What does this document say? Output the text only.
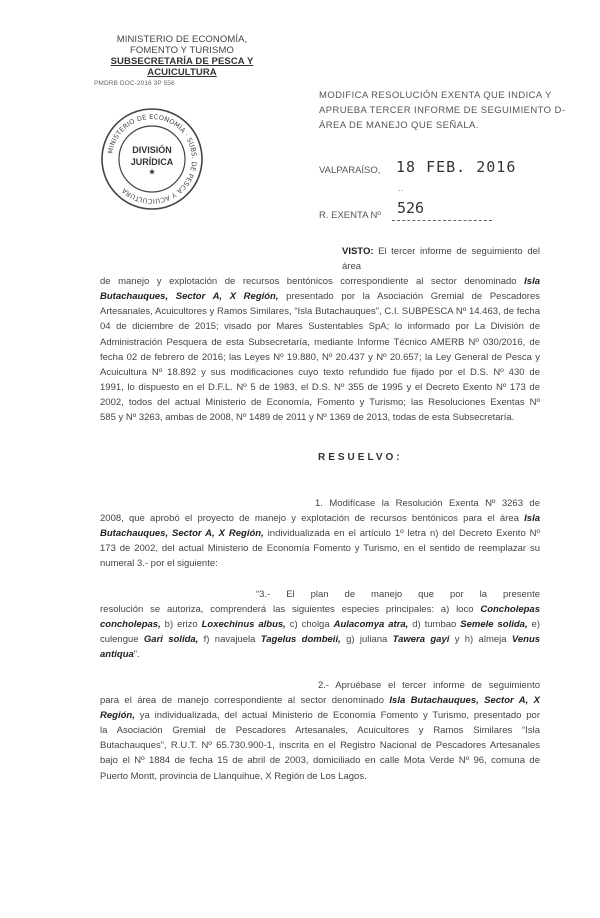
MINISTERIO DE ECONOMÍA,
FOMENTO Y TURISMO
SUBSECRETARÍA DE PESCA Y ACUICULTURA
PMDRB DOC-2016 3P 556
MINISTERIO DE ECONOMÍA · SUBS. DE PESCA Y ACUICULTURA
DIVISIÓN
JURÍDICA
★
MODIFICA RESOLUCIÓN EXENTA QUE INDICA Y
APRUEBA TERCER INFORME DE SEGUIMIENTO D-
ÁREA DE MANEJO QUE SEÑALA.
VALPARAÍSO, 18 FEB. 2016
··
R. EXENTA Nº 526
VISTO: El tercer informe de seguimiento del área
de manejo y explotación de recursos bentónicos correspondiente al sector denominado Isla
Butachauques, Sector A, X Región, presentado por la Asociación Gremial de Pescadores
Artesanales, Acuicultores y Ramos Similares, “Isla Butachauques”, C.I. SUBPESCA Nº 14.463, de fecha
04 de diciembre de 2015; visado por Mares Sustentables SpA; lo informado por La División de
Administración Pesquera de esta Subsecretaría, mediante Informe Técnico AMERB Nº 030/2016, de
fecha 02 de febrero de 2016; las Leyes Nº 19.880, Nº 20.437 y Nº 20.657; la Ley General de Pesca y
Acuicultura Nº 18.892 y sus modificaciones cuyo texto refundido fue fijado por el D.S. Nº 430 de
1991, lo dispuesto en el D.F.L. Nº 5 de 1983, el D.S. Nº 355 de 1995 y el Decreto Exento Nº 173 de
2002, todos del actual Ministerio de Economía, Fomento y Turismo; las Resoluciones Exentas Nº
585 y Nº 3263, ambas de 2008, Nº 1489 de 2011 y Nº 1369 de 2013, todas de esta Subsecretaría.
RESUELVO:
1. Modifícase la Resolución Exenta Nº 3263 de
2008, que aprobó el proyecto de manejo y explotación de recursos bentónicos para el área Isla
Butachauques, Sector A, X Región, individualizada en el artículo 1º letra n) del Decreto Exento Nº
173 de 2002, del actual Ministerio de Economía Fomento y Turismo, en el sentido de reemplazar su
numeral 3.- por el siguiente:
“3.- El plan de manejo que por la presente
resolución se autoriza, comprenderá las siguientes especies principales: a) loco Concholepas
concholepas, b) erizo Loxechinus albus, c) cholga Aulacomya atra, d) tumbao Semele solida, e)
culengue Gari solida, f) navajuela Tagelus dombeii, g) juliana Tawera gayi y h) almeja Venus
antiqua”.
2.- Apruébase el tercer informe de seguimiento
para el área de manejo correspondiente al sector denominado Isla Butachauques, Sector A, X
Región, ya individualizada, del actual Ministerio de Economía Fomento y Turismo, presentado por
la Asociación Gremial de Pescadores Artesanales, Acuicultores y Ramos Similares “Isla
Butachauques”, R.U.T. Nº 65.730.900-1, inscrita en el Registro Nacional de Pescadores Artesanales
bajo el Nº 1884 de fecha 15 de abril de 2003, domiciliado en calle Mota Verde Nº 96, comuna de
Puerto Montt, provincia de Llanquihue, X Región de Los Lagos.
